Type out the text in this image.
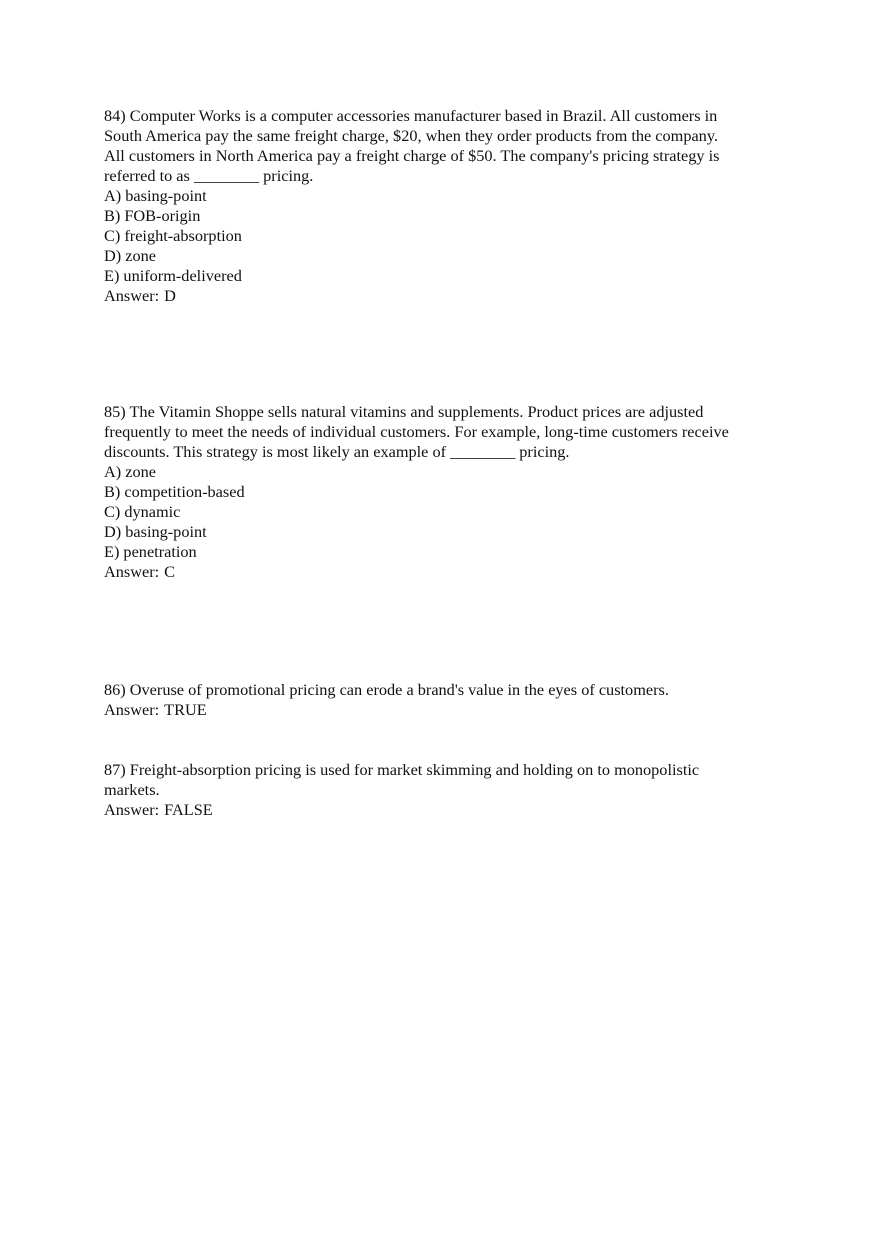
84) Computer Works is a computer accessories manufacturer based in Brazil. All customers in
South America pay the same freight charge, $20, when they order products from the company.
All customers in North America pay a freight charge of $50. The company's pricing strategy is
referred to as ________ pricing.
A) basing-point
B) FOB-origin
C) freight-absorption
D) zone
E) uniform-delivered
Answer: D
85) The Vitamin Shoppe sells natural vitamins and supplements. Product prices are adjusted
frequently to meet the needs of individual customers. For example, long-time customers receive
discounts. This strategy is most likely an example of ________ pricing.
A) zone
B) competition-based
C) dynamic
D) basing-point
E) penetration
Answer: C
86) Overuse of promotional pricing can erode a brand's value in the eyes of customers.
Answer: TRUE
87) Freight-absorption pricing is used for market skimming and holding on to monopolistic
markets.
Answer: FALSE
